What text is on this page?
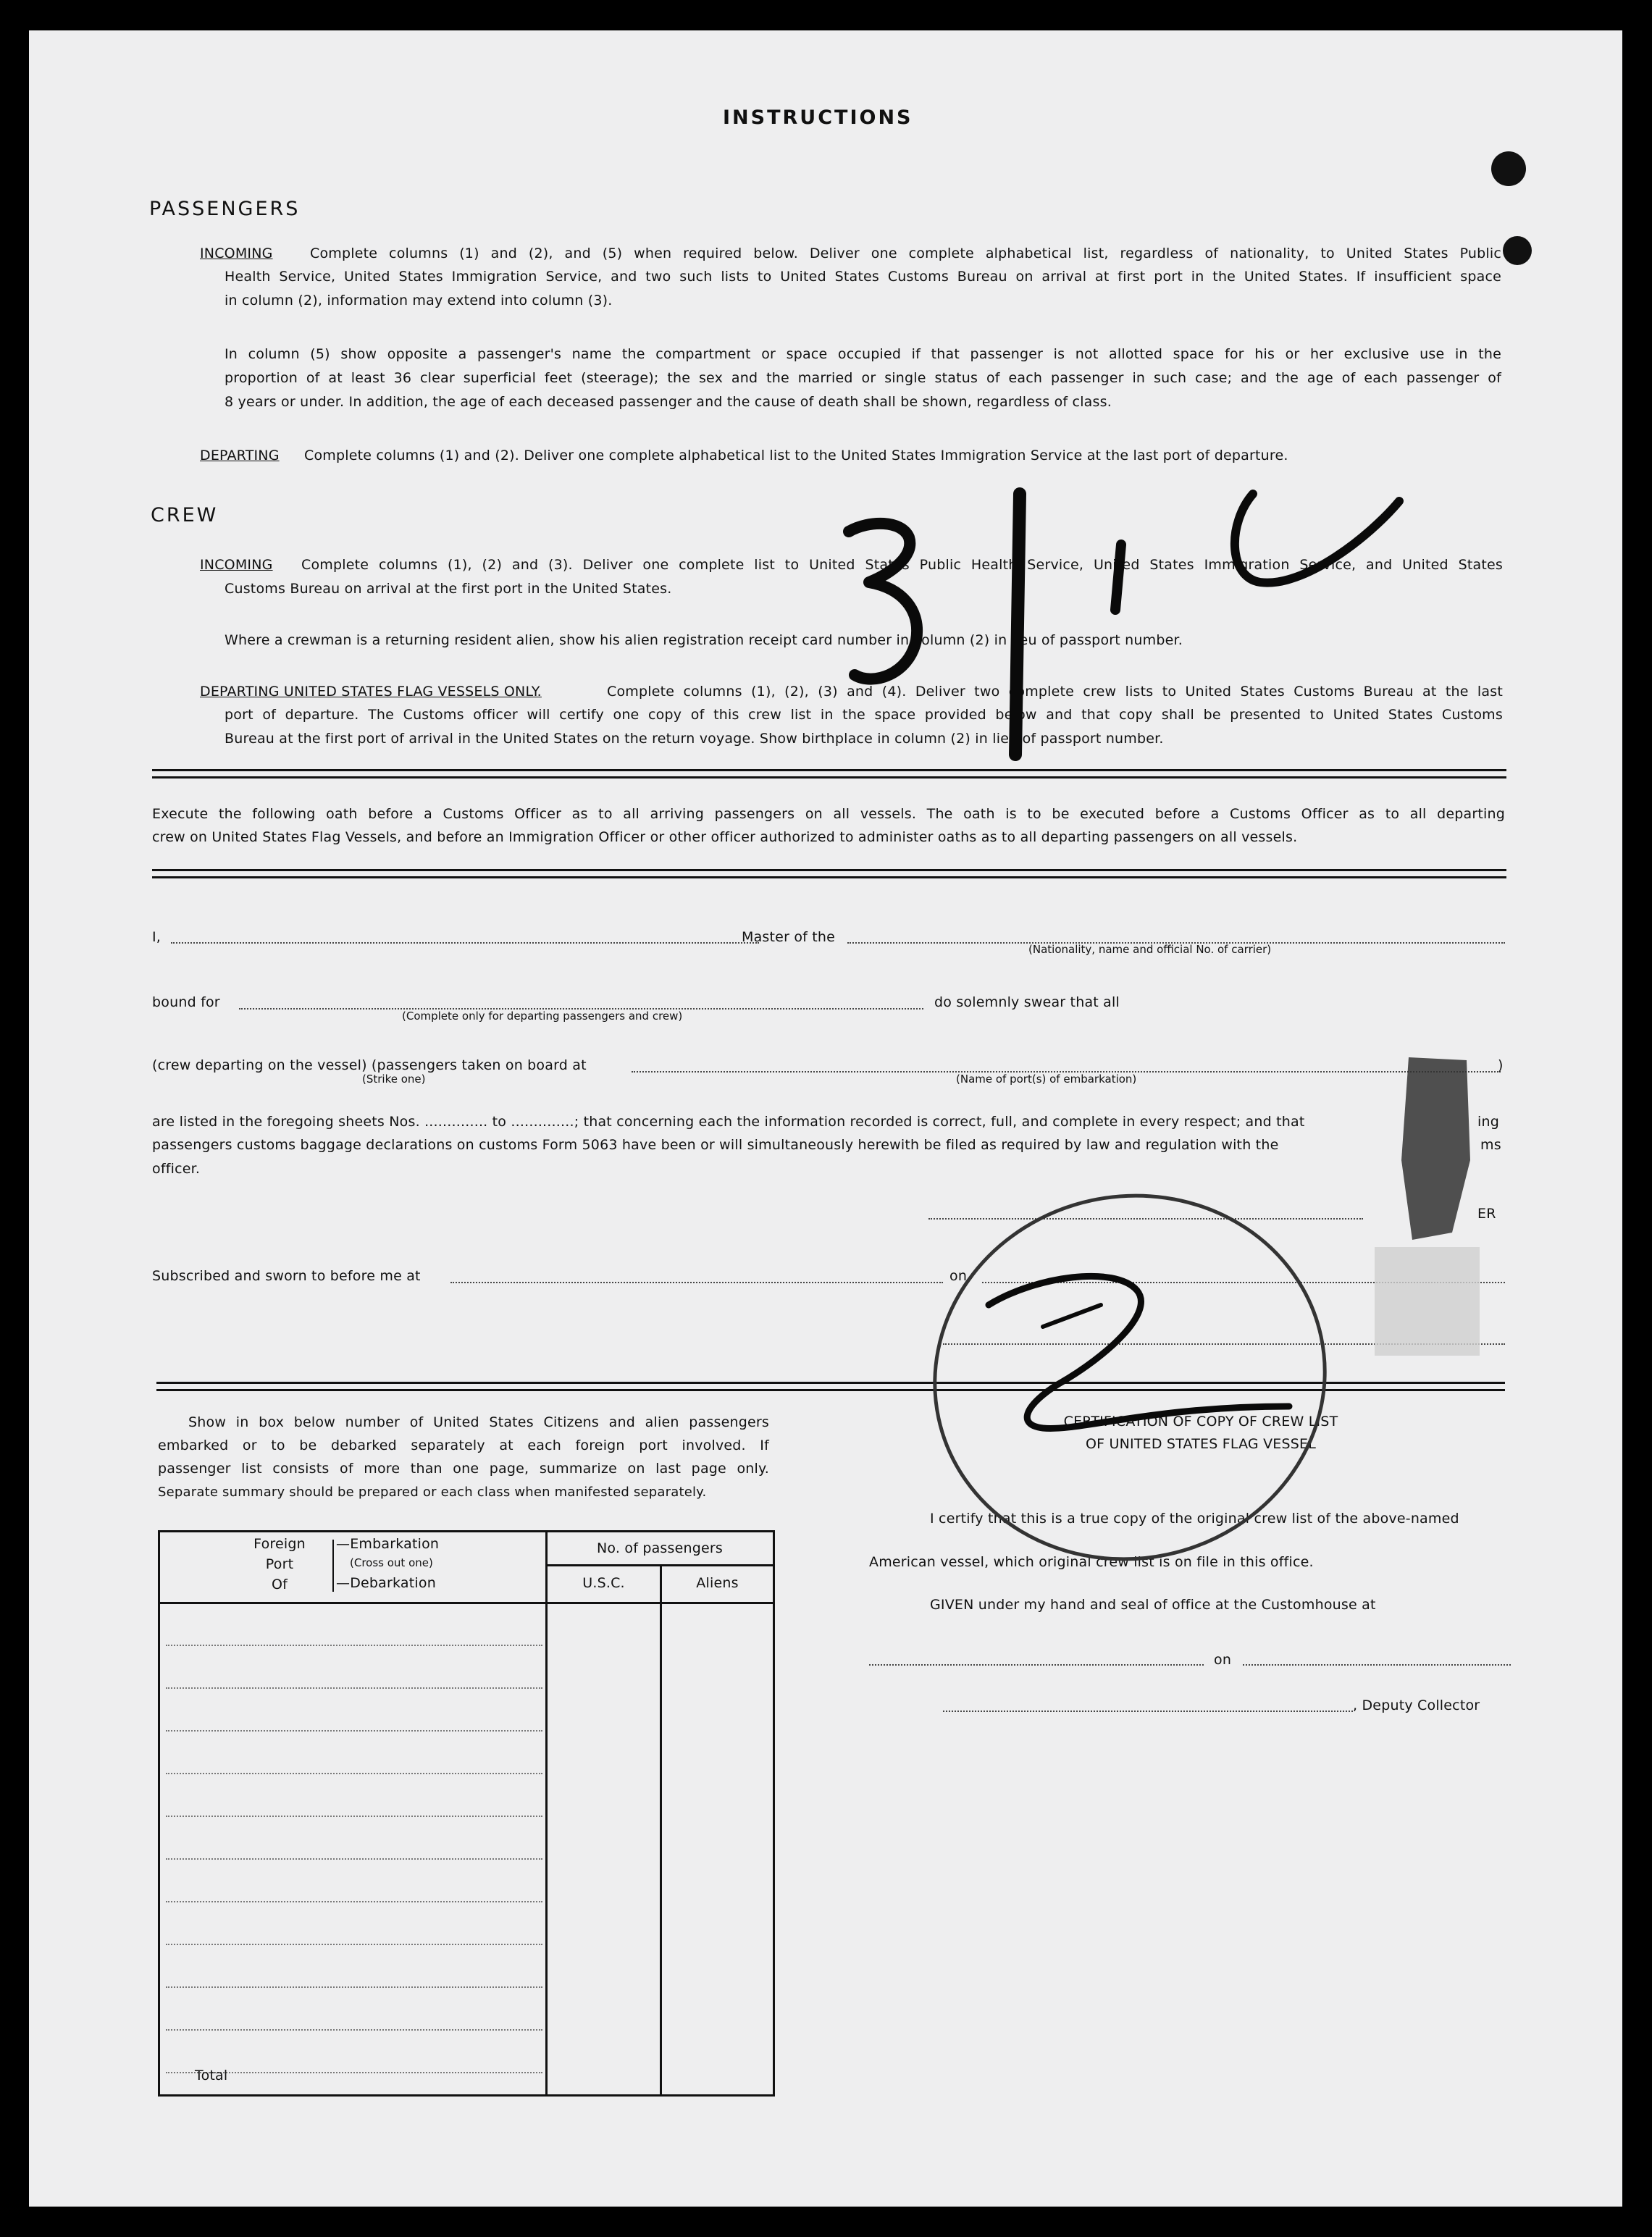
INSTRUCTIONS
PASSENGERS
INCOMING	Complete columns (1) and (2), and (5) when required below. Deliver one complete alphabetical list, regardless of nationality, to United States Public
Health Service, United States Immigration Service, and two such lists to United States Customs Bureau on arrival at first port in the United States. If insufficient space
in column (2), information may extend into column (3).
In column (5) show opposite a passenger's name the compartment or space occupied if that passenger is not allotted space for his or her exclusive use in the
proportion of at least 36 clear superficial feet (steerage); the sex and the married or single status of each passenger in such case; and the age of each passenger of
8 years or under. In addition, the age of each deceased passenger and the cause of death shall be shown, regardless of class.
DEPARTING Complete columns (1) and (2). Deliver one complete alphabetical list to the United States Immigration Service at the last port of departure.
CREW
INCOMING Complete columns (1), (2) and (3). Deliver one complete list to United States Public Health Service, United States Immigration Service, and United States
Customs Bureau on arrival at the first port in the United States.
Where a crewman is a returning resident alien, show his alien registration receipt card number in column (2) in lieu of passport number.
DEPARTING UNITED STATES FLAG VESSELS ONLY.	Complete columns (1), (2), (3) and (4). Deliver two complete crew lists to United States Customs Bureau at the last
port of departure. The Customs officer will certify one copy of this crew list in the space provided below and that copy shall be presented to United States Customs
Bureau at the first port of arrival in the United States on the return voyage. Show birthplace in column (2) in lieu of passport number.
Execute the following oath before a Customs Officer as to all arriving passengers on all vessels. The oath is to be executed before a Customs Officer as to all departing
crew on United States Flag Vessels, and before an Immigration Officer or other officer authorized to administer oaths as to all departing passengers on all vessels.
I,	Master of the
(Nationality, name and official No. of carrier)
bound for
(Complete only for departing passengers and crew)
do solemnly swear that all
(crew departing on the vessel) (passengers taken on board at
(Strike one)	(Name of port(s) of embarkation)
)
are listed in the foregoing sheets Nos. .............. to ..............; that concerning each the information recorded is correct, full, and complete in every respect; and that	ing
passengers customs baggage declarations on customs Form 5063 have been or will simultaneously herewith be filed as required by law and regulation with the	ms
officer.
ER
Subscribed and sworn to before me at	on
Show in box below number of United States Citizens and alien passengers
embarked or to be debarked separately at each foreign port involved. If
passenger list consists of more than one page, summarize on last page only.
Separate summary should be prepared or each class when manifested separately.
Foreign
Port
Of
—Embarkation
(Cross out one)
—Debarkation
No. of passengers
U.S.C.	Aliens
Total
CERTIFICATION OF COPY OF CREW LIST
OF UNITED STATES FLAG VESSEL
I certify that this is a true copy of the original crew list of the above-named
American vessel, which original crew list is on file in this office.
GIVEN under my hand and seal of office at the Customhouse at
on
, Deputy Collector
